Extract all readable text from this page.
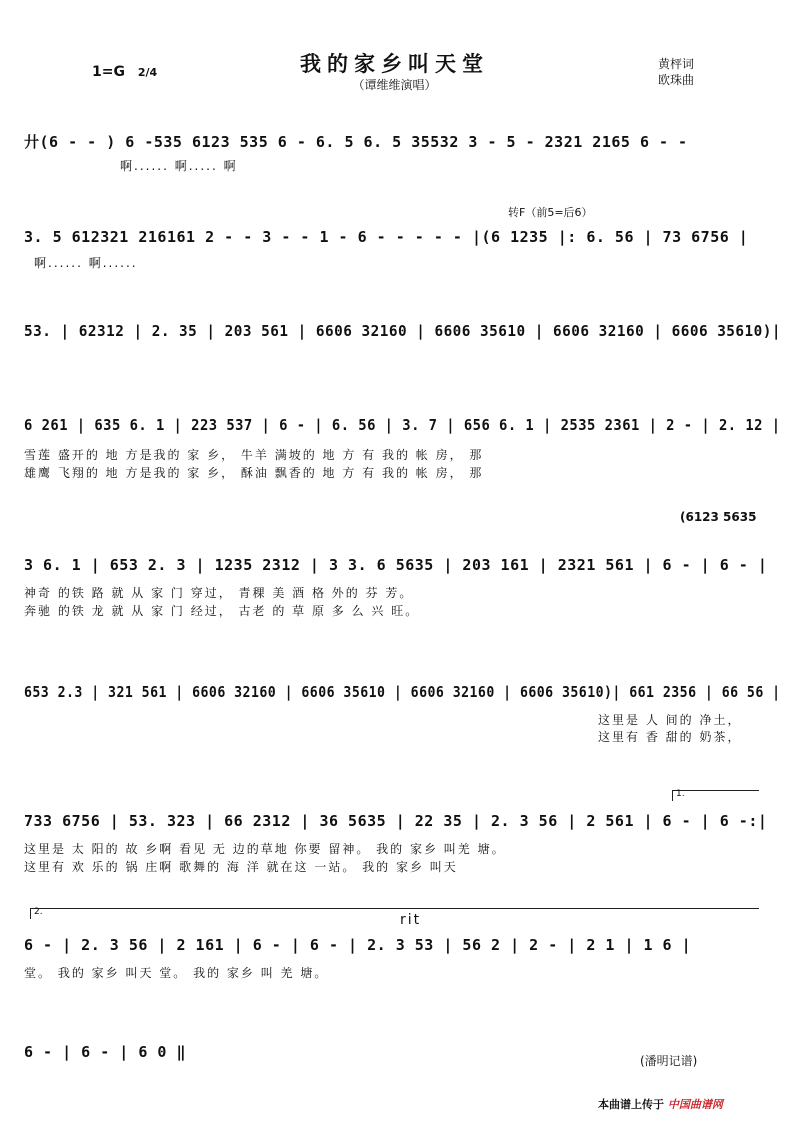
我的家乡叫天堂
（谭维维演唱）
1=G 2/4
黄枰词
欧珠曲
廾(6 - - ) 6 -535 6123 535 6 - 6. 5 6. 5 35532 3 - 5 - 2321 2165 6 - -
啊...... 啊..... 啊
转F（前5=后6）
3. 5 612321 216161 2 - - 3 - - 1 - 6 - - - - - |(6 1235 |: 6. 56 | 73 6756 |
啊...... 啊......
53. | 62312 | 2. 35 | 203 561 | 6606 32160 | 6606 35610 | 6606 32160 | 6606 35610)|
6 261 | 635 6. 1 | 223 537 | 6 - | 6. 56 | 3. 7 | 656 6. 1 | 2535 2361 | 2 - | 2. 12 |
雪莲 盛开的 地 方是我的 家 乡， 牛羊 满坡的 地 方 有 我的 帐 房， 那
雄鹰 飞翔的 地 方是我的 家 乡， 酥油 飘香的 地 方 有 我的 帐 房， 那
(6123 5635
3 6. 1 | 653 2. 3 | 1235 2312 | 3 3. 6 5635 | 203 161 | 2321 561 | 6 - | 6 - |
神奇 的铁 路 就 从 家 门 穿过， 青稞 美 酒 格 外的 芬 芳。
奔驰 的铁 龙 就 从 家 门 经过， 古老 的 草 原 多 么 兴 旺。
653 2.3 | 321 561 | 6606 32160 | 6606 35610 | 6606 32160 | 6606 35610)| 661 2356 | 66 56 |
这里是 人 间的 净土，
这里有 香 甜的 奶茶，
1.
733 6756 | 53. 323 | 66 2312 | 36 5635 | 22 35 | 2. 3 56 | 2 561 | 6 - | 6 -:|
这里是 太 阳的 故 乡啊 看见 无 边的草地 你要 留神。 我的 家乡 叫羌 塘。
这里有 欢 乐的 锅 庄啊 歌舞的 海 洋 就在这 一站。 我的 家乡 叫天
2.	rit
6 - | 2. 3 56 | 2 161 | 6 - | 6 - | 2. 3 53 | 56 2 | 2 - | 2 1 | 1 6 |
堂。 我的 家乡 叫天 堂。 我的 家乡 叫 羌 塘。
6 - | 6 - | 6 0 ‖	(潘明记谱)
本曲谱上传于 中国曲谱网
